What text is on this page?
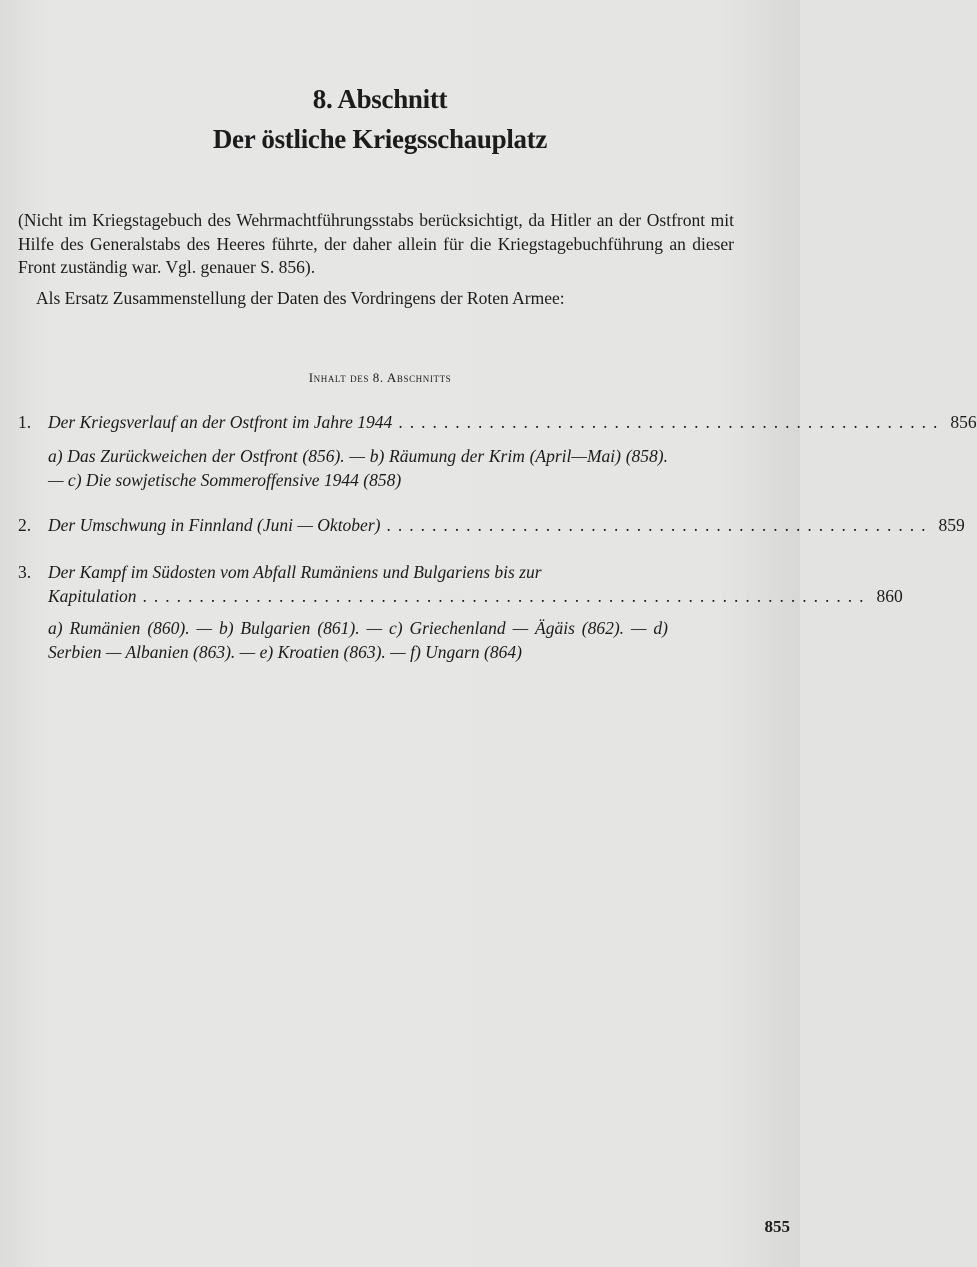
8. Abschnitt
Der östliche Kriegsschauplatz
(Nicht im Kriegstagebuch des Wehrmachtführungsstabs berücksichtigt, da Hitler an der Ostfront mit Hilfe des Generalstabs des Heeres führte, der daher allein für die Kriegstagebuchführung an dieser Front zuständig war. Vgl. genauer S. 856).
Als Ersatz Zusammenstellung der Daten des Vordringens der Roten Armee:
Inhalt des 8. Abschnitts
1. Der Kriegsverlauf an der Ostfront im Jahre 1944 ................................................ 856
a) Das Zurückweichen der Ostfront (856). — b) Räumung der Krim (April—Mai) (858). — c) Die sowjetische Sommeroffensive 1944 (858)
2. Der Umschwung in Finnland (Juni — Oktober) ................................................ 859
3. Der Kampf im Südosten vom Abfall Rumäniens und Bulgariens bis zur
Kapitulation ................................................................ 860
a) Rumänien (860). — b) Bulgarien (861). — c) Griechenland — Ägäis (862). — d) Serbien — Albanien (863). — e) Kroatien (863). — f) Ungarn (864)
855
